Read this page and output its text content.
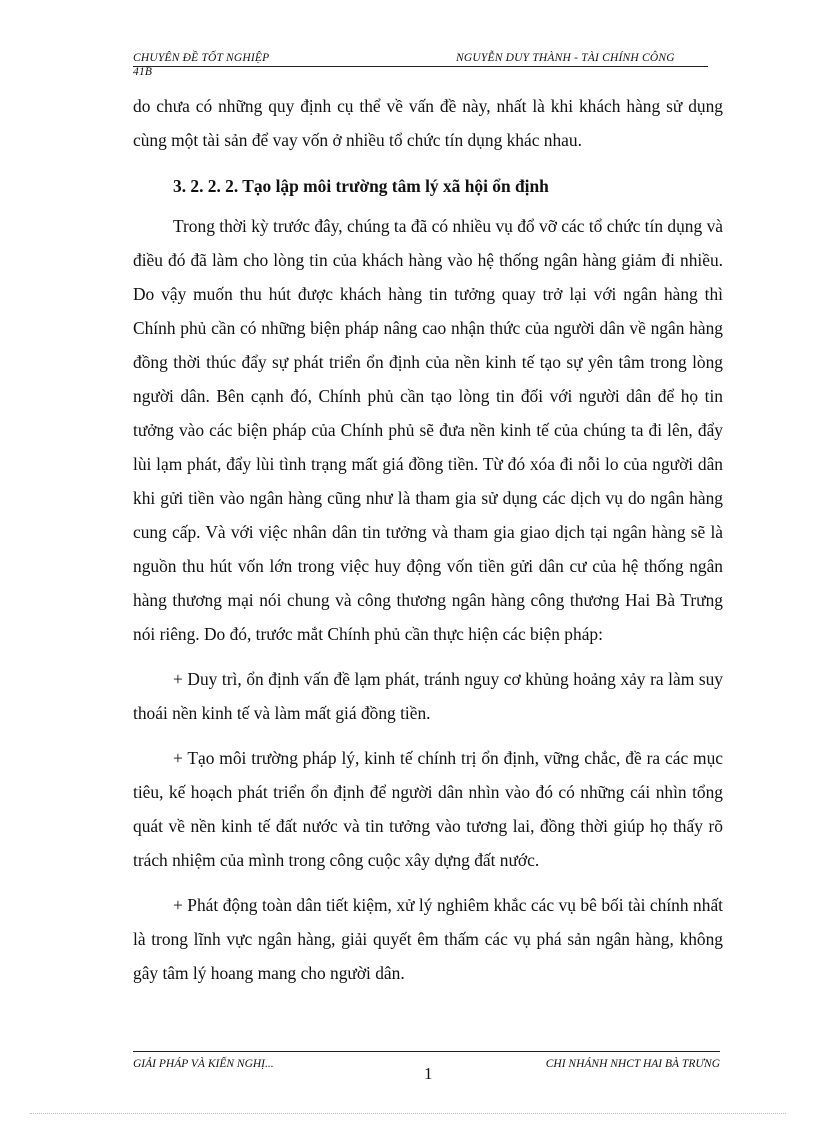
CHUYÊN ĐỀ TỐT NGHIỆP	NGUYỄN DUY THÀNH - TÀI CHÍNH CÔNG
41B

do chưa có những quy định cụ thể về vấn đề này, nhất là khi khách hàng sử dụng cùng một tài sản để vay vốn ở nhiều tổ chức tín dụng khác nhau.

3. 2. 2. 2. Tạo lập môi trường tâm lý xã hội ổn định

Trong thời kỳ trước đây, chúng ta đã có nhiều vụ đổ vỡ các tổ chức tín dụng và điều đó đã làm cho lòng tin của khách hàng vào hệ thống ngân hàng giảm đi nhiều. Do vậy muốn thu hút được khách hàng tin tưởng quay trở lại với ngân hàng thì Chính phủ cần có những biện pháp nâng cao nhận thức của người dân về ngân hàng đồng thời thúc đẩy sự phát triển ổn định của nền kinh tế tạo sự yên tâm trong lòng người dân. Bên cạnh đó, Chính phủ cần tạo lòng tin đối với người dân để họ tin tưởng vào các biện pháp của Chính phủ sẽ đưa nền kinh tế của chúng ta đi lên, đẩy lùi lạm phát, đẩy lùi tình trạng mất giá đồng tiền. Từ đó xóa đi nỗi lo của người dân khi gửi tiền vào ngân hàng cũng như là tham gia sử dụng các dịch vụ do ngân hàng cung cấp. Và với việc nhân dân tin tưởng và tham gia giao dịch tại ngân hàng sẽ là nguồn thu hút vốn lớn trong việc huy động vốn tiền gửi dân cư của hệ thống ngân hàng thương mại nói chung và công thương ngân hàng công thương Hai Bà Trưng nói riêng. Do đó, trước mắt Chính phủ cần thực hiện các biện pháp:

+ Duy trì, ổn định vấn đề lạm phát, tránh nguy cơ khủng hoảng xảy ra làm suy thoái nền kinh tế và làm mất giá đồng tiền.

+ Tạo môi trường pháp lý, kinh tế chính trị ổn định, vững chắc, đề ra các mục tiêu, kế hoạch phát triển ổn định để người dân nhìn vào đó có những cái nhìn tổng quát về nền kinh tế đất nước và tin tưởng vào tương lai, đồng thời giúp họ thấy rõ trách nhiệm của mình trong công cuộc xây dựng đất nước.

+ Phát động toàn dân tiết kiệm, xử lý nghiêm khắc các vụ bê bối tài chính nhất là trong lĩnh vực ngân hàng, giải quyết êm thấm các vụ phá sản ngân hàng, không gây tâm lý hoang mang cho người dân.

GIẢI PHÁP VÀ KIẾN NGHỊ...	CHI NHÁNH NHCT HAI BÀ TRƯNG
1
